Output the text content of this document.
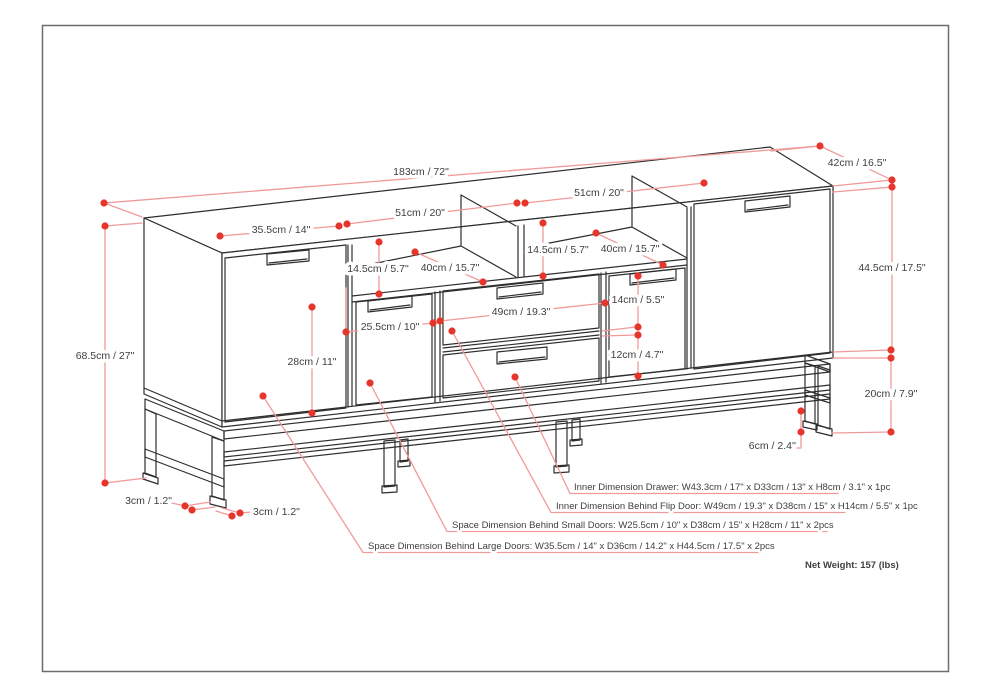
183cm / 72"
42cm / 16.5"
44.5cm / 17.5"
20cm / 7.9"
6cm / 2.4''
68.5cm / 27"
3cm / 1.2"
3cm / 1.2"
35.5cm / 14"
51cm / 20"
51cm / 20"
14.5cm / 5.7" 40cm / 15.7"
14.5cm / 5.7" 40cm / 15.7"
25.5cm / 10"
49cm / 19.3"
14cm / 5.5"
12cm / 4.7"
28cm / 11"
Inner Dimension Drawer: W43.3cm / 17" x D33cm / 13" x H8cm / 3.1" x 1pc
Inner Dimension Behind Flip Door: W49cm / 19.3" x D38cm / 15" x H14cm / 5.5" x 1pc
Space Dimension Behind Small Doors: W25.5cm / 10" x D38cm / 15" x H28cm / 11" x 2pcs
Space Dimension Behind Large Doors: W35.5cm / 14" x D36cm / 14.2" x H44.5cm / 17.5" x 2pcs
Net Weight: 157 (lbs)
